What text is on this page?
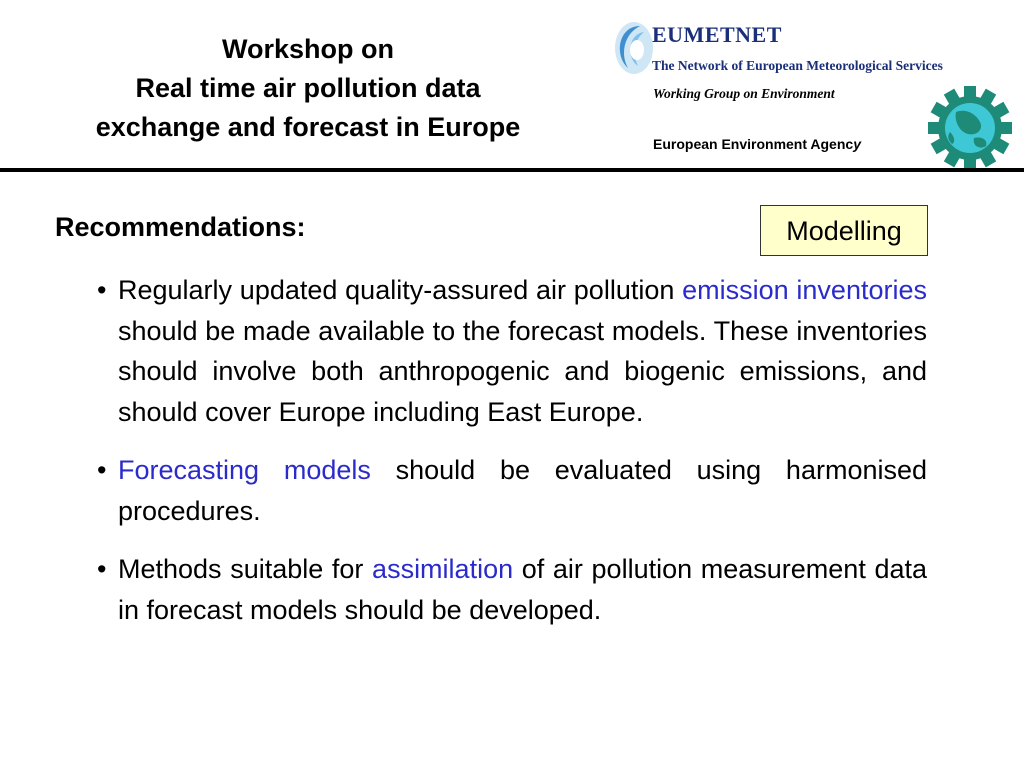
Workshop on
Real time air pollution data
exchange and forecast in Europe
EUMETNET
The Network of European Meteorological Services
Working Group on Environment
European Environment Agency
Recommendations:	Modelling
• Regularly updated quality-assured air pollution emission inventories should be made available to the forecast models. These inventories should involve both anthropogenic and biogenic emissions, and should cover Europe including East Europe.
• Forecasting models should be evaluated using harmonised procedures.
• Methods suitable for assimilation of air pollution measurement data in forecast models should be developed.
